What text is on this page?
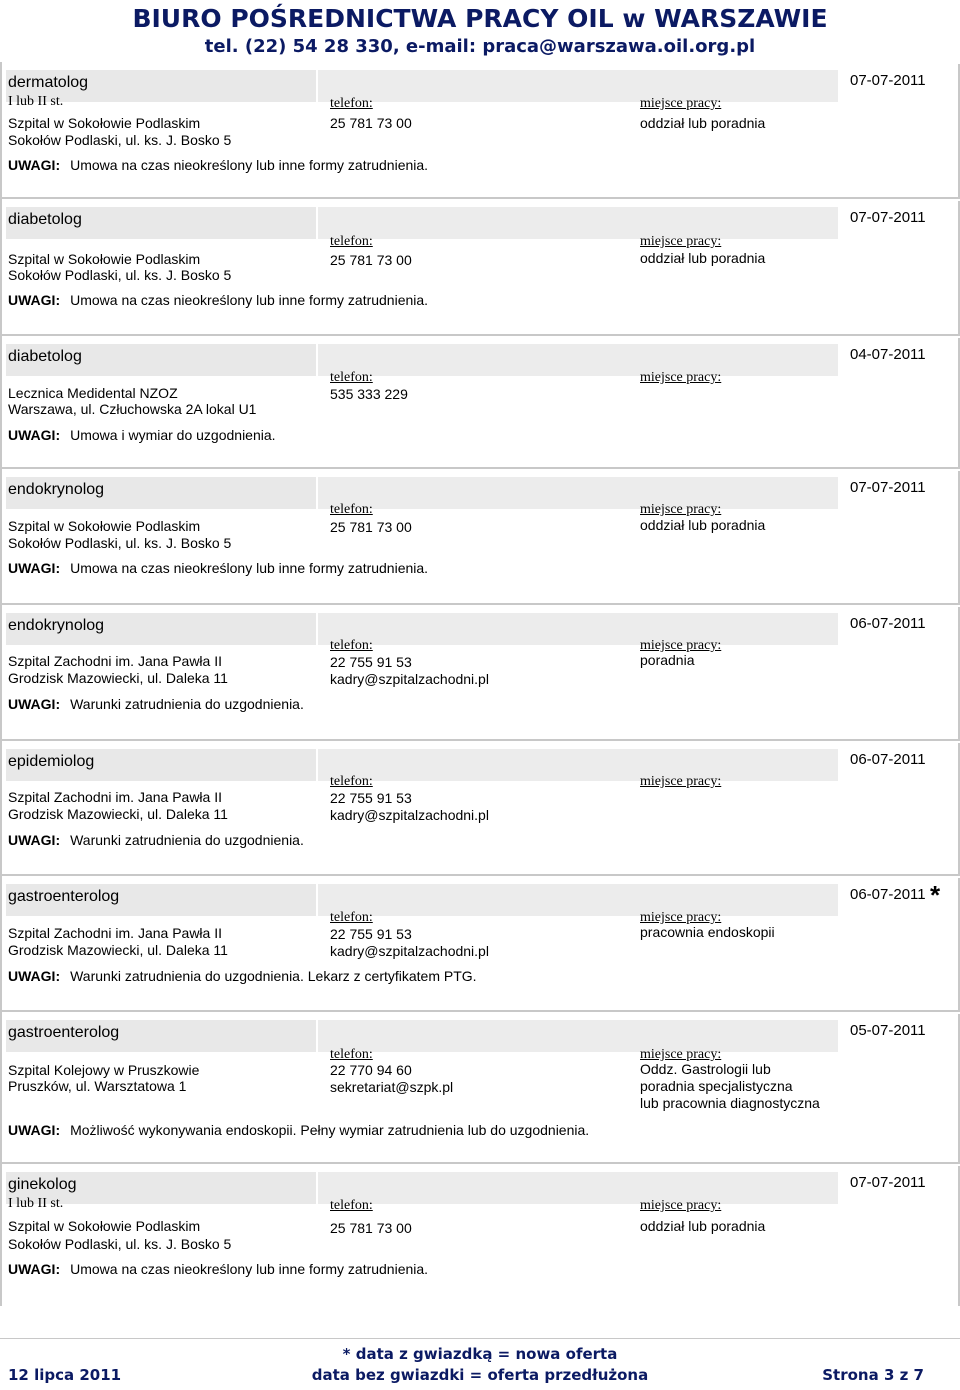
BIURO POŚREDNICTWA PRACY OIL w WARSZAWIE
tel. (22) 54 28 330, e-mail: praca@warszawa.oil.org.pl
dermatolog	07-07-2011
I lub II st.	telefon:	miejsce pracy:
Szpital w Sokołowie Podlaskim
Sokołów Podlaski, ul. ks. J. Bosko 5
25 781 73 00	oddział lub poradnia
UWAGI: Umowa na czas nieokreślony lub inne formy zatrudnienia.
diabetolog	07-07-2011
telefon:	miejsce pracy:
Szpital w Sokołowie Podlaskim
Sokołów Podlaski, ul. ks. J. Bosko 5
25 781 73 00	oddział lub poradnia
UWAGI: Umowa na czas nieokreślony lub inne formy zatrudnienia.
diabetolog	04-07-2011
telefon:	miejsce pracy:
Lecznica Medidental NZOZ
Warszawa, ul. Człuchowska 2A lokal U1
535 333 229
UWAGI: Umowa i wymiar do uzgodnienia.
endokrynolog	07-07-2011
telefon:	miejsce pracy:
Szpital w Sokołowie Podlaskim
Sokołów Podlaski, ul. ks. J. Bosko 5
25 781 73 00	oddział lub poradnia
UWAGI: Umowa na czas nieokreślony lub inne formy zatrudnienia.
endokrynolog	06-07-2011
telefon:	miejsce pracy:
Szpital Zachodni im. Jana Pawła II
Grodzisk Mazowiecki, ul. Daleka 11
22 755 91 53
kadry@szpitalzachodni.pl
poradnia
UWAGI: Warunki zatrudnienia do uzgodnienia.
epidemiolog	06-07-2011
telefon:	miejsce pracy:
Szpital Zachodni im. Jana Pawła II
Grodzisk Mazowiecki, ul. Daleka 11
22 755 91 53
kadry@szpitalzachodni.pl
UWAGI: Warunki zatrudnienia do uzgodnienia.
gastroenterolog	06-07-2011 *
telefon:	miejsce pracy:
Szpital Zachodni im. Jana Pawła II
Grodzisk Mazowiecki, ul. Daleka 11
22 755 91 53
kadry@szpitalzachodni.pl
pracownia endoskopii
UWAGI: Warunki zatrudnienia do uzgodnienia. Lekarz z certyfikatem PTG.
gastroenterolog	05-07-2011
telefon:	miejsce pracy:
Szpital Kolejowy w Pruszkowie
Pruszków, ul. Warsztatowa 1
22 770 94 60
sekretariat@szpk.pl
Oddz. Gastrologii lub
poradnia specjalistyczna
lub pracownia diagnostyczna
UWAGI: Możliwość wykonywania endoskopii. Pełny wymiar zatrudnienia lub do uzgodnienia.
ginekolog	07-07-2011
I lub II st.	telefon:	miejsce pracy:
Szpital w Sokołowie Podlaskim
Sokołów Podlaski, ul. ks. J. Bosko 5
25 781 73 00	oddział lub poradnia
UWAGI: Umowa na czas nieokreślony lub inne formy zatrudnienia.
12 lipca 2011
* data z gwiazdką = nowa oferta
data bez gwiazdki = oferta przedłużona	Strona 3 z 7
